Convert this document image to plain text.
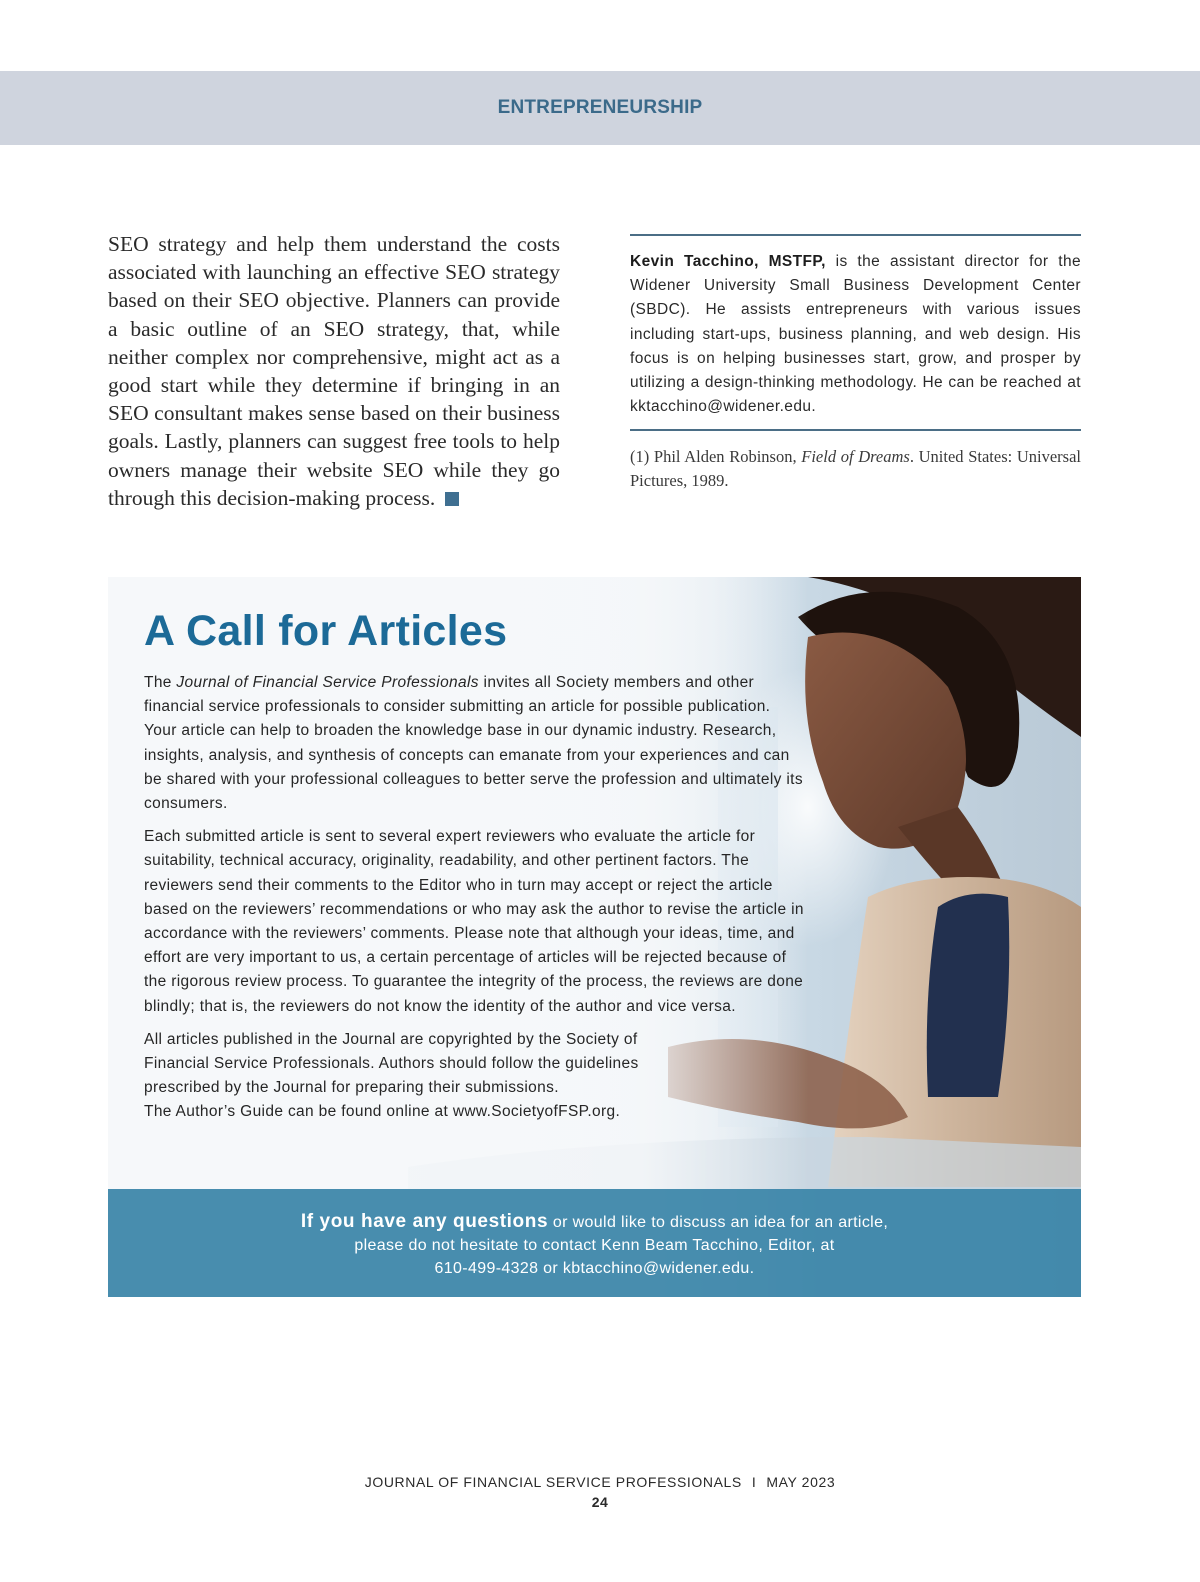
ENTREPRENEURSHIP

SEO strategy and help them understand the costs associated with launching an effective SEO strategy based on their SEO objective. Planners can provide a basic outline of an SEO strategy, that, while neither complex nor comprehensive, might act as a good start while they determine if bringing in an SEO consultant makes sense based on their business goals. Lastly, planners can suggest free tools to help owners manage their website SEO while they go through this decision-making process.

Kevin Tacchino, MSTFP, is the assistant director for the Widener University Small Business Development Center (SBDC). He assists entrepreneurs with various issues including start-ups, business planning, and web design. His focus is on helping businesses start, grow, and prosper by utilizing a design-thinking methodology. He can be reached at kktacchino@widener.edu.

(1) Phil Alden Robinson, Field of Dreams. United States: Universal Pictures, 1989.

A Call for Articles

The Journal of Financial Service Professionals invites all Society members and other financial service professionals to consider submitting an article for possible publication. Your article can help to broaden the knowledge base in our dynamic industry. Research, insights, analysis, and synthesis of concepts can emanate from your experiences and can be shared with your professional colleagues to better serve the profession and ultimately its consumers.

Each submitted article is sent to several expert reviewers who evaluate the article for suitability, technical accuracy, originality, readability, and other pertinent factors. The reviewers send their comments to the Editor who in turn may accept or reject the article based on the reviewers’ recommendations or who may ask the author to revise the article in accordance with the reviewers’ comments. Please note that although your ideas, time, and effort are very important to us, a certain percentage of articles will be rejected because of the rigorous review process. To guarantee the integrity of the process, the reviews are done blindly; that is, the reviewers do not know the identity of the author and vice versa.

All articles published in the Journal are copyrighted by the Society of
Financial Service Professionals. Authors should follow the guidelines
prescribed by the Journal for preparing their submissions.
The Author’s Guide can be found online at www.SocietyofFSP.org.

If you have any questions or would like to discuss an idea for an article,
please do not hesitate to contact Kenn Beam Tacchino, Editor, at
610-499-4328 or kbtacchino@widener.edu.
JOURNAL OF FINANCIAL SERVICE PROFESSIONALS I MAY 2023
24
